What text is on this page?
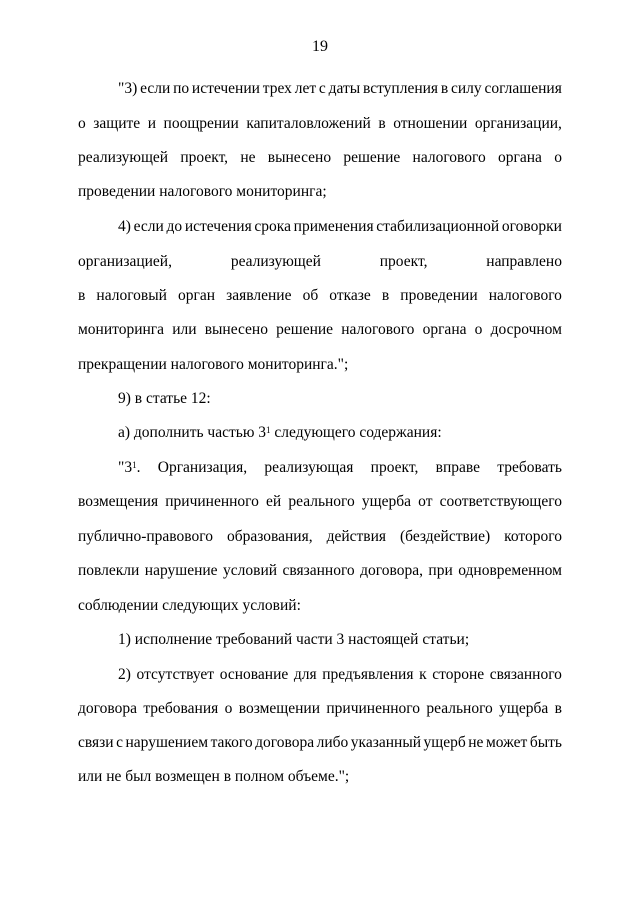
19
"3) если по истечении трех лет с даты вступления в силу соглашения
о защите и поощрении капиталовложений в отношении организации,
реализующей проект, не вынесено решение налогового органа о
проведении налогового мониторинга;
4) если до истечения срока применения стабилизационной оговорки
организацией,	реализующей	проект,	направлено
в налоговый орган заявление об отказе в проведении налогового
мониторинга или вынесено решение налогового органа о досрочном
прекращении налогового мониторинга.";
9) в статье 12:
а) дополнить частью $3^1$ следующего содержания:
"$3^1$. Организация, реализующая проект, вправе требовать
возмещения причиненного ей реального ущерба от соответствующего
публично-правового образования, действия (бездействие) которого
повлекли нарушение условий связанного договора, при одновременном
соблюдении следующих условий:
1) исполнение требований части 3 настоящей статьи;
2) отсутствует основание для предъявления к стороне связанного
договора требования о возмещении причиненного реального ущерба в
связи с нарушением такого договора либо указанный ущерб не может быть
или не был возмещен в полном объеме.";
